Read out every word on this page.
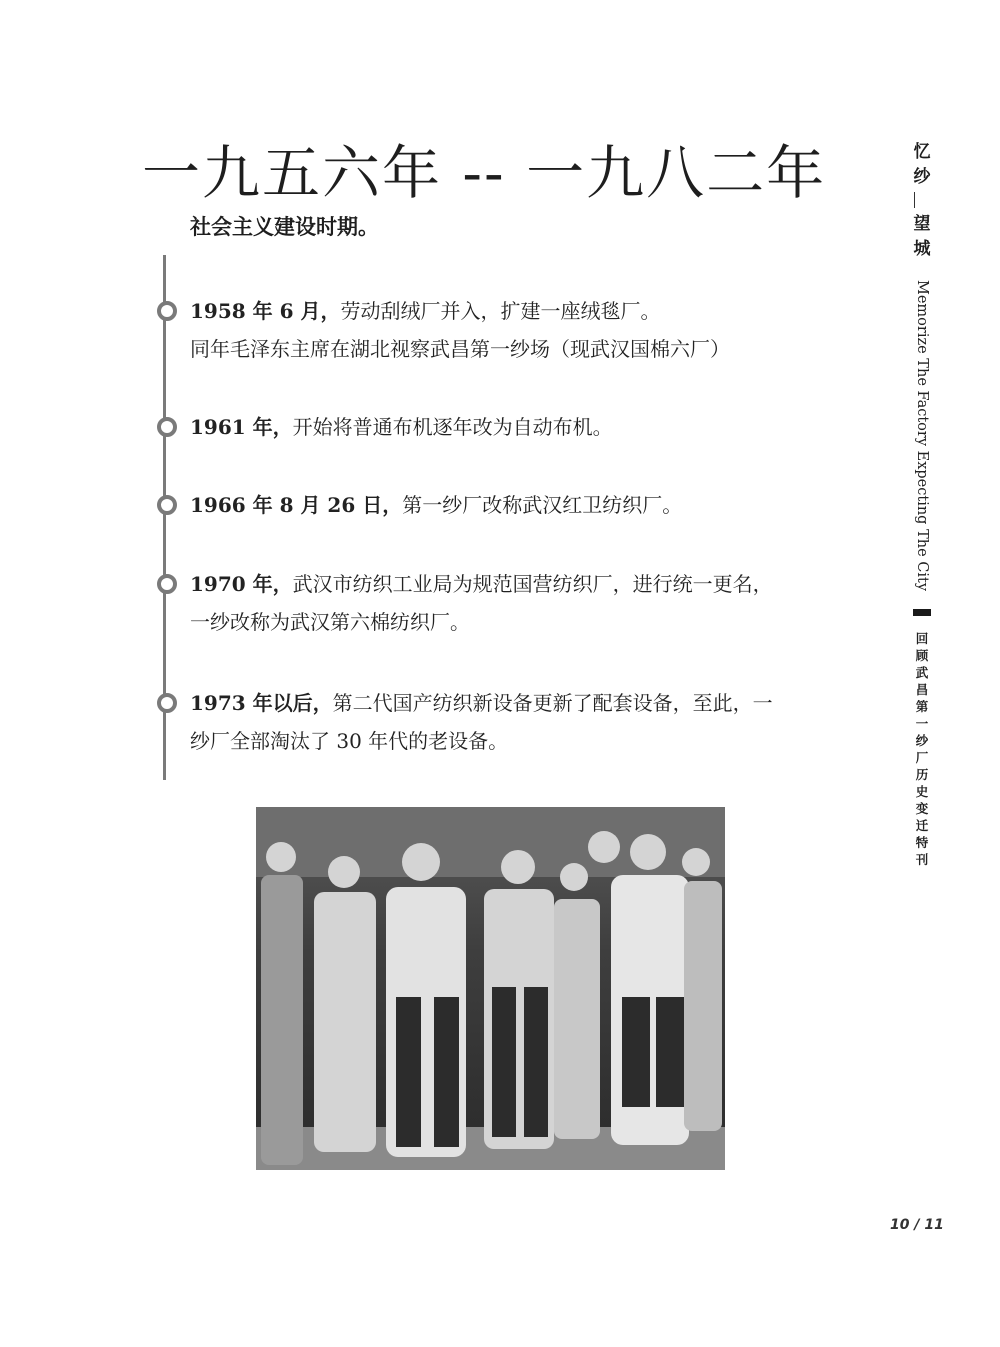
一九五六年 -- 一九八二年
社会主义建设时期。

1958 年 6 月，劳动刮绒厂并入，扩建一座绒毯厂。

同年毛泽东主席在湖北视察武昌第一纱场（现武汉国棉六厂）

1961 年，开始将普通布机逐年改为自动布机。

1966 年 8 月 26 日，第一纱厂改称武汉红卫纺织厂。

1970 年，武汉市纺织工业局为规范国营纺织厂，进行统一更名，

一纱改称为武汉第六棉纺织厂。

1973 年以后，第二代国产纺织新设备更新了配套设备，至此，一

纱厂全部淘汰了 30 年代的老设备。

忆
纱
望
城
Memorize The Factory Expecting The City
回
顾
武
昌
第
一
纱
厂
历
史
变
迁
特
刊
10 / 11
